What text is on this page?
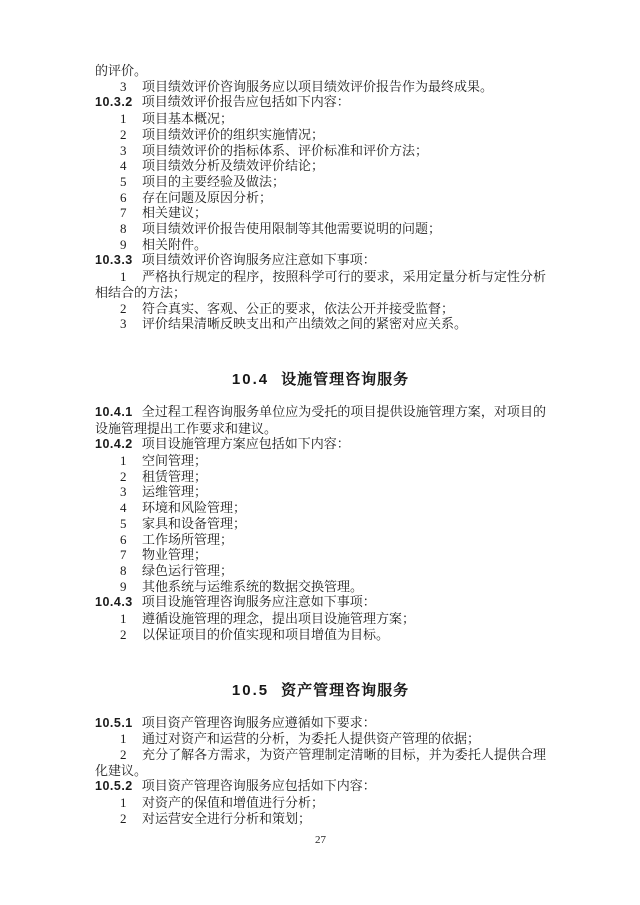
的评价。

3 项目绩效评价咨询服务应以项目绩效评价报告作为最终成果。

10.3.2 项目绩效评价报告应包括如下内容：

1 项目基本概况；

2 项目绩效评价的组织实施情况；

3 项目绩效评价的指标体系、评价标准和评价方法；

4 项目绩效分析及绩效评价结论；

5 项目的主要经验及做法；

6 存在问题及原因分析；

7 相关建议；

8 项目绩效评价报告使用限制等其他需要说明的问题；

9 相关附件。

10.3.3 项目绩效评价咨询服务应注意如下事项：

1 严格执行规定的程序，按照科学可行的要求，采用定量分析与定性分析相结合的方法；

2 符合真实、客观、公正的要求，依法公开并接受监督；

3 评价结果清晰反映支出和产出绩效之间的紧密对应关系。

10.4 设施管理咨询服务

10.4.1 全过程工程咨询服务单位应为受托的项目提供设施管理方案，对项目的设施管理提出工作要求和建议。

10.4.2 项目设施管理方案应包括如下内容：

1 空间管理；

2 租赁管理；

3 运维管理；

4 环境和风险管理；

5 家具和设备管理；

6 工作场所管理；

7 物业管理；

8 绿色运行管理；

9 其他系统与运维系统的数据交换管理。

10.4.3 项目设施管理咨询服务应注意如下事项：

1 遵循设施管理的理念，提出项目设施管理方案；

2 以保证项目的价值实现和项目增值为目标。

10.5 资产管理咨询服务

10.5.1 项目资产管理咨询服务应遵循如下要求：

1 通过对资产和运营的分析，为委托人提供资产管理的依据；

2 充分了解各方需求，为资产管理制定清晰的目标，并为委托人提供合理化建议。

10.5.2 项目资产管理咨询服务应包括如下内容：

1 对资产的保值和增值进行分析；

2 对运营安全进行分析和策划；

27
